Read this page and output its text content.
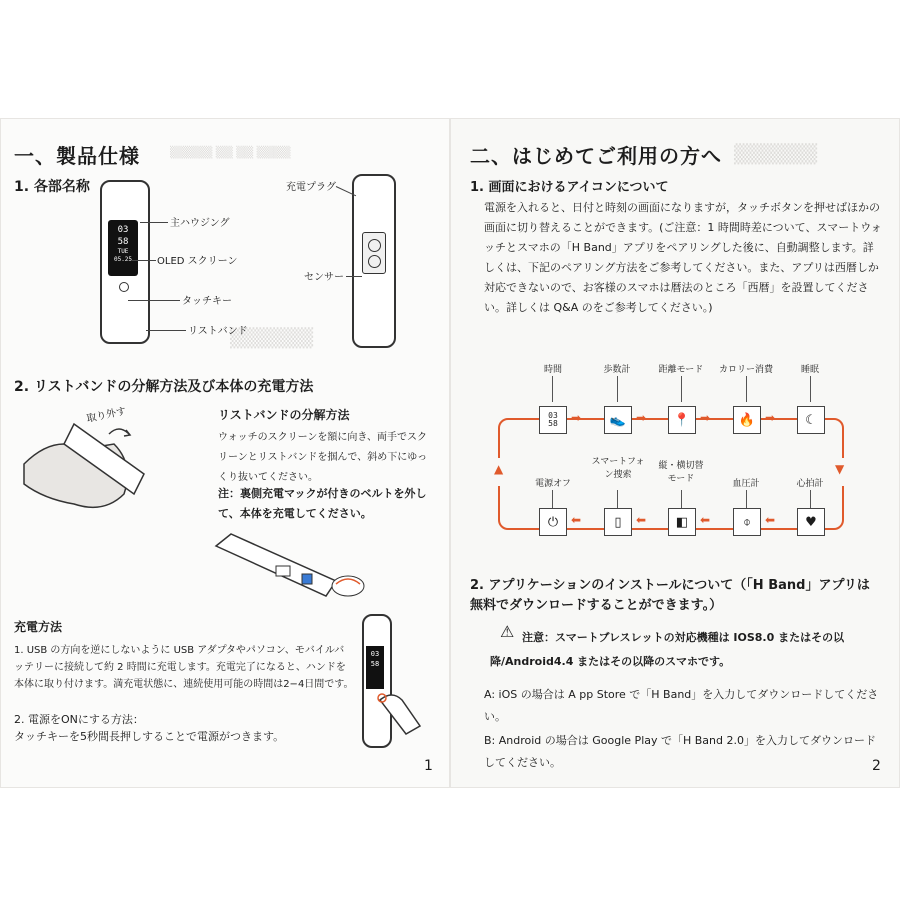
▒▒▒▒▒ ▒▒ ▒▒ ▒▒▒▒
▒▒▒▒▒▒
一、製品仕様
1. 各部名称
03
58
TUE
05.25
主ハウジング
OLED スクリーン
タッチキー
リストバンド
充電プラグ
センサー
2. リストバンドの分解方法及び本体の充電方法
取り外す	リストバンドの分解方法
ウォッチのスクリーンを額に向き、両手でスクリーンとリストバンドを掴んで、斜め下にゆっくり抜いてください。
注：裏側充電マックが付きのベルトを外して、本体を充電してください。
充電方法
1. USB の方向を逆にしないように USB アダプタやパソコン、モバイルバッテリーに接続して約 2 時間に充電します。充電完了になると、ハンドを本体に取り付けます。満充電状態に、連続使用可能の時間は2−4日間です。
03
58
2. 電源をONにする方法：
タッチキーを5秒間長押しすることで電源がつきます。
1
▒▒▒▒▒▒
二、はじめてご利用の方へ
1. 画面におけるアイコンについて
電源を入れると、日付と時刻の画面になりますが，タッチボタンを押せばほかの画面に切り替えることができます。(ご注意：1 時間時差について、スマートウォッチとスマホの「H Band」アプリをペアリングした後に、自動調整します。詳しくは、下記のペアリング方法をご参考してください。また、アプリは西暦しか対応できないので、お客様のスマホは暦法のところ「西暦」を設置してください。詳しくは Q&A のをご参考してください。)
▲	▼
時間
03
58
歩数計
👟
距離モード
📍
カロリー消費
🔥
睡眠
☾
➡	➡	➡	➡
電源オフ
⏻
スマートフォン捜索
▯
縦・横切替モード
◧
血圧計
⌽
心拍計
♥
⬅	⬅	⬅	⬅
2. アプリケーションのインストールについて（「H Band」アプリは無料でダウンロードすることができます。）
⚠ 注意：スマートブレスレットの対応機種は IOS8.0 またはその以降/Android4.4 またはその以降のスマホです。
A: iOS の場合は A pp Store で「H Band」を入力してダウンロードしてください。
B: Android の場合は Google Play で「H Band 2.0」を入力してダウンロードしてください。	2
